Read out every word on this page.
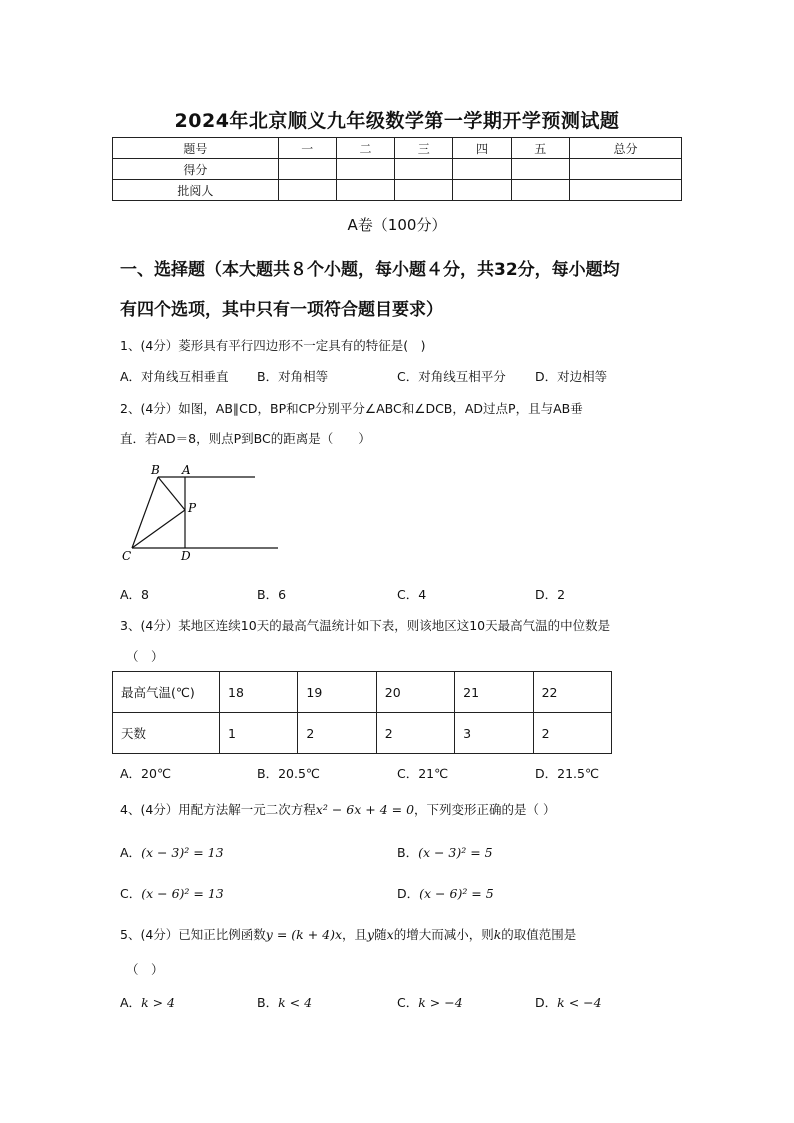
2024年北京顺义九年级数学第一学期开学预测试题
题号	一	二	三	四	五	总分
得分						
批阅人						
A卷（100分）
一、选择题（本大题共８个小题，每小题４分，共32分，每小题均
有四个选项，其中只有一项符合题目要求）
1、(4分）菱形具有平行四边形不一定具有的特征是(　)
A．对角线互相垂直 B．对角相等	C．对角线互相平分 D．对边相等
2、(4分）如图，AB∥CD，BP和CP分别平分∠ABC和∠DCB，AD过点P，且与AB垂
直．若AD＝8，则点P到BC的距离是（　　）
B A
P
C	D
A．8	B．6	C．4	D．2
3、(4分）某地区连续10天的最高气温统计如下表，则该地区这10天最高气温的中位数是
（　）
最高气温(℃)	18	19	20	21	22
天数	1	2	2	3	2
A．20℃	B．20.5℃	C．21℃	D．21.5℃
4、(4分）用配方法解一元二次方程x² − 6x + 4 = 0，下列变形正确的是（ ）
A．(x − 3)² = 13	B．(x − 3)² = 5
C．(x − 6)² = 13	D．(x − 6)² = 5
5、(4分）已知正比例函数y = (k + 4)x，且y随x的增大而减小，则k的取值范围是
（　）
A．k > 4	B．k < 4	C．k > −4	D．k < −4
